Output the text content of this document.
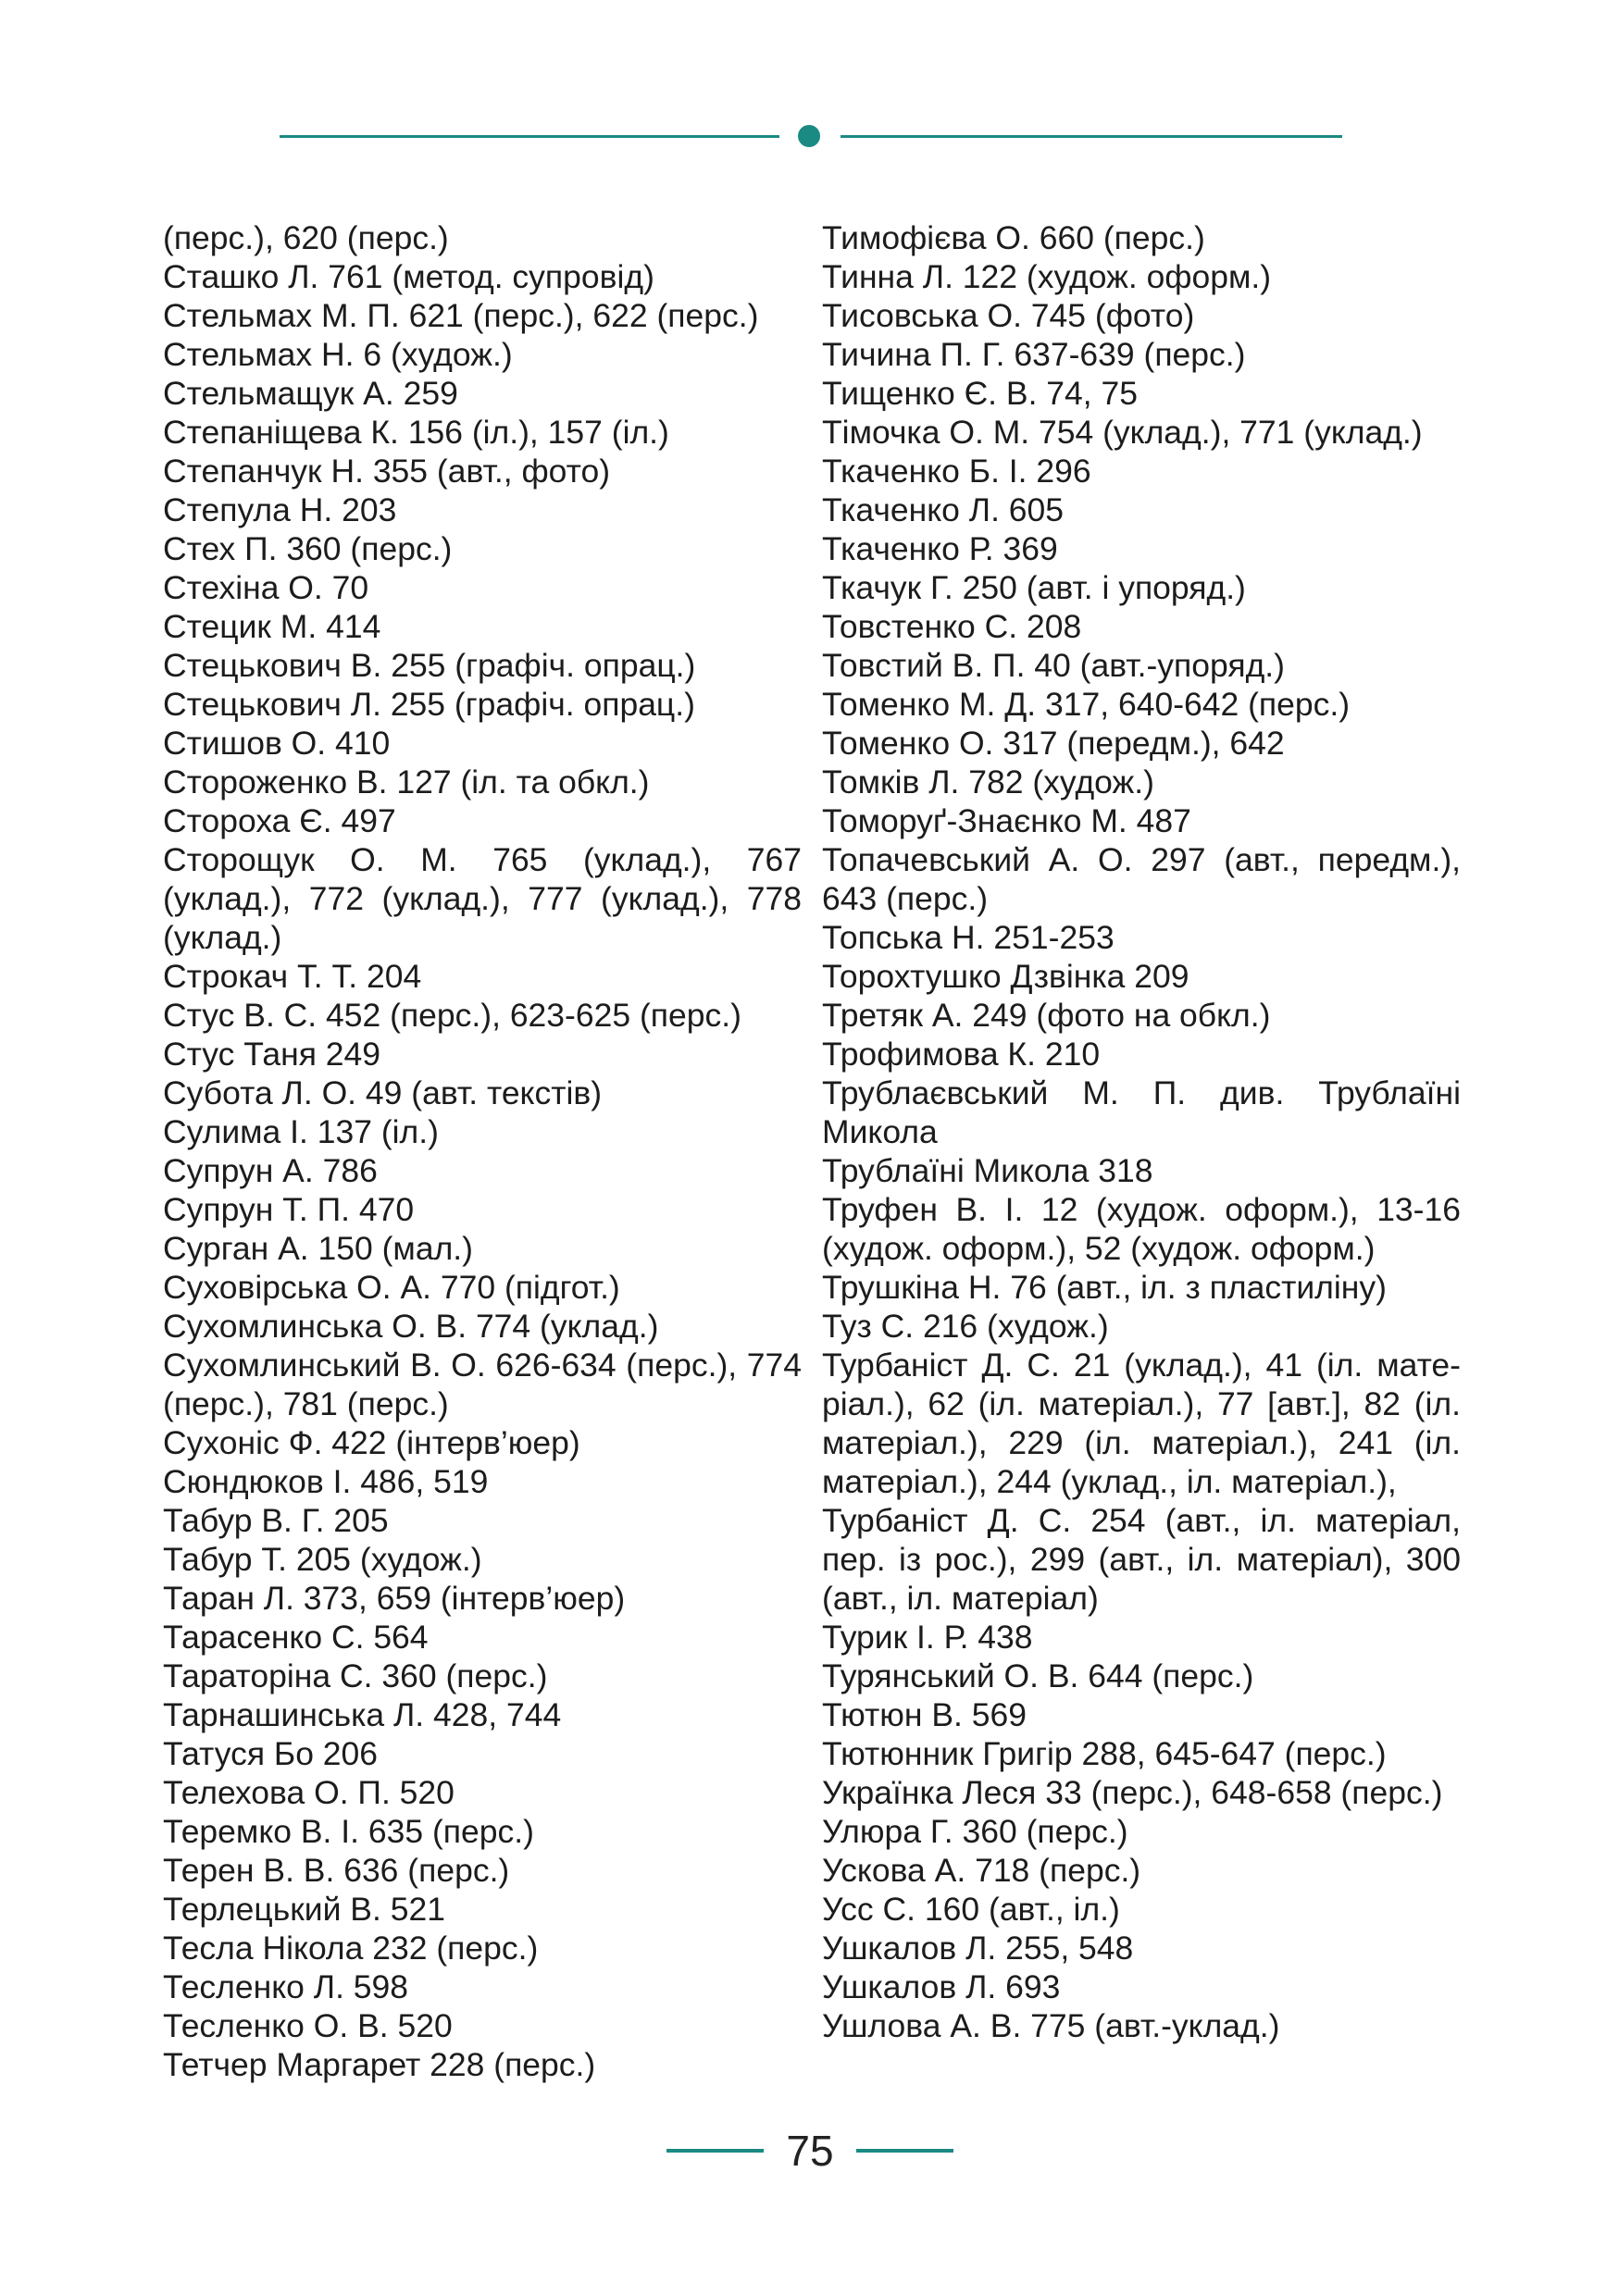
(перс.), 620 (перс.)

Сташко Л. 761 (метод. супровід)

Стельмах М. П. 621 (перс.), 622 (перс.)

Стельмах Н. 6 (худож.)

Стельмащук А. 259

Степаніщева К. 156 (іл.), 157 (іл.)

Степанчук Н. 355 (авт., фото)

Степула Н. 203

Стех П. 360 (перс.)

Стехіна О. 70

Стецик М. 414

Стецькович В. 255 (графіч. опрац.)

Стецькович Л. 255 (графіч. опрац.)

Стишов О. 410

Стороженко В. 127 (іл. та обкл.)

Стороха Є. 497

Сторощук О. М. 765 (уклад.), 767 (уклад.), 772 (уклад.), 777 (уклад.), 778 (уклад.)

Строкач Т. Т. 204

Стус В. С. 452 (перс.), 623-625 (перс.)

Стус Таня 249

Субота Л. О. 49 (авт. текстів)

Сулима І. 137 (іл.)

Супрун А. 786

Супрун Т. П. 470

Сурган А. 150 (мал.)

Суховірська О. А. 770 (підгот.)

Сухомлинська О. В. 774 (уклад.)

Сухомлинський В. О. 626-634 (перс.), 774 (перс.), 781 (перс.)

Сухоніс Ф. 422 (інтерв’юер)

Сюндюков І. 486, 519

Табур В. Г. 205

Табур Т. 205 (худож.)

Таран Л. 373, 659 (інтерв’юер)

Тарасенко С. 564

Тараторіна С. 360 (перс.)

Тарнашинська Л. 428, 744

Татуся Бо 206

Телехова О. П. 520

Теремко В. І. 635 (перс.)

Терен В. В. 636 (перс.)

Терлецький В. 521

Тесла Нікола 232 (перс.)

Тесленко Л. 598

Тесленко О. В. 520

Тетчер Маргарет 228 (перс.)

Тимофієва О. 660 (перс.)

Тинна Л. 122 (худож. оформ.)

Тисовська О. 745 (фото)

Тичина П. Г. 637-639 (перс.)

Тищенко Є. В. 74, 75

Тімочка О. М. 754 (уклад.), 771 (уклад.)

Ткаченко Б. І. 296

Ткаченко Л. 605

Ткаченко Р. 369

Ткачук Г. 250 (авт. і упоряд.)

Товстенко С. 208

Товстий В. П. 40 (авт.-упоряд.)

Томенко М. Д. 317, 640-642 (перс.)

Томенко О. 317 (передм.), 642

Томків Л. 782 (худож.)

Томоруґ-Знаєнко М. 487

Топачевський А. О. 297 (авт., передм.), 643 (перс.)

Топська Н. 251-253

Торохтушко Дзвінка 209

Третяк А. 249 (фото на обкл.)

Трофимова К. 210

Трублаєвський М. П. див. Трублаїні Микола

Трублаїні Микола 318

Труфен В. І. 12 (худож. оформ.), 13-16 (худож. оформ.), 52 (худож. оформ.)

Трушкіна Н. 76 (авт., іл. з пластиліну)

Туз С. 216 (худож.)

Турбаніст Д. С. 21 (уклад.), 41 (іл. мате-ріал.), 62 (іл. матеріал.), 77 [авт.], 82 (іл. матеріал.), 229 (іл. матеріал.), 241 (іл. матеріал.), 244 (уклад., іл. матеріал.),

Турбаніст Д. С. 254 (авт., іл. матеріал, пер. із рос.), 299 (авт., іл. матеріал), 300 (авт., іл. матеріал)

Турик І. Р. 438

Турянський О. В. 644 (перс.)

Тютюн В. 569

Тютюнник Григір 288, 645-647 (перс.)

Українка Леся 33 (перс.), 648-658 (перс.)

Улюра Г. 360 (перс.)

Ускова А. 718 (перс.)

Усс С. 160 (авт., іл.)

Ушкалов Л. 255, 548

Ушкалов Л. 693

Ушлова А. В. 775 (авт.-уклад.)

75
